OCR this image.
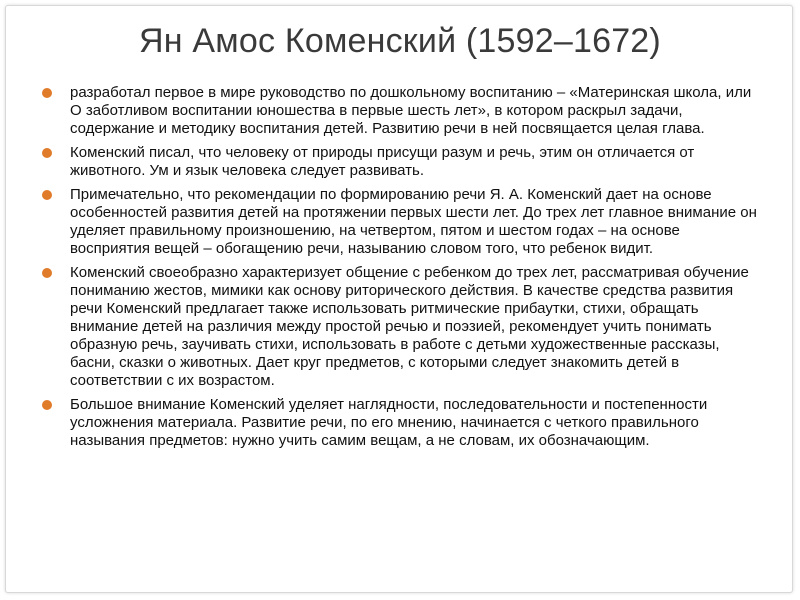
Ян Амос Коменский (1592–1672)
разработал первое в мире руководство по дошкольному воспитанию – «Материнская школа, или О заботливом воспитании юношества в первые шесть лет», в котором раскрыл задачи, содержание и методику воспитания детей. Развитию речи в ней посвящается целая глава.
Коменский писал, что человеку от природы присущи разум и речь, этим он отличается от животного. Ум и язык человека следует развивать.
Примечательно, что рекомендации по формированию речи Я. А. Коменский дает на основе особенностей развития детей на протяжении первых шести лет. До трех лет главное внимание он уделяет правильному произношению, на четвертом, пятом и шестом годах – на основе восприятия вещей – обогащению речи, называнию словом того, что ребенок видит.
Коменский своеобразно характеризует общение с ребенком до трех лет, рассматривая обучение пониманию жестов, мимики как основу риторического действия. В качестве средства развития речи Коменский предлагает также использовать ритмические прибаутки, стихи, обращать внимание детей на различия между простой речью и поэзией, рекомендует учить понимать образную речь, заучивать стихи, использовать в работе с детьми художественные рассказы, басни, сказки о животных. Дает круг предметов, с которыми следует знакомить детей в соответствии с их возрастом.
Большое внимание Коменский уделяет наглядности, последовательности и постепенности усложнения материала. Развитие речи, по его мнению, начинается с четкого правильного называния предметов: нужно учить самим вещам, а не словам, их обозначающим.
